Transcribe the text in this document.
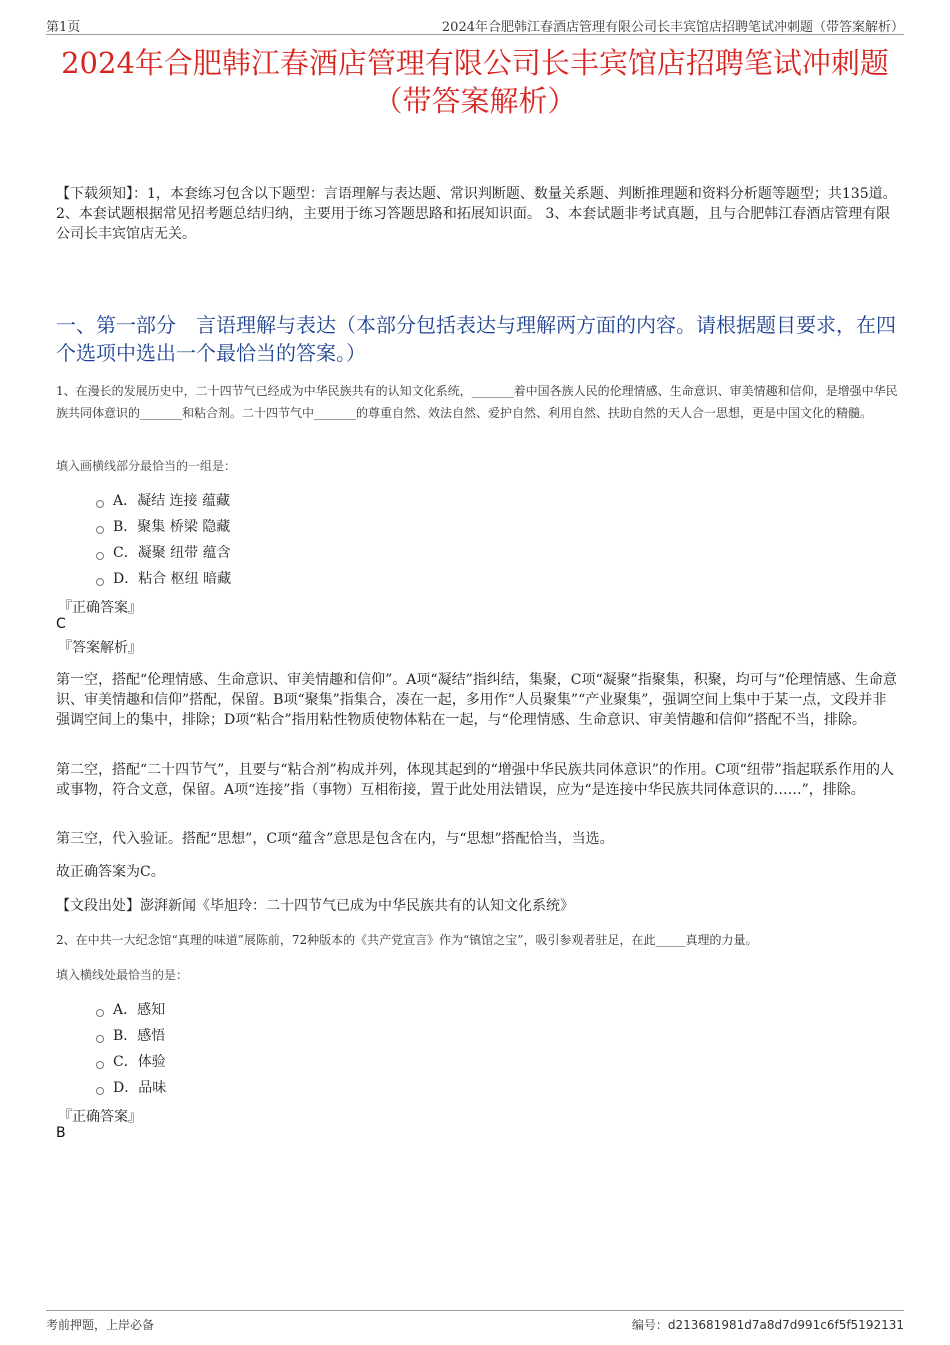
第1页	2024年合肥韩江春酒店管理有限公司长丰宾馆店招聘笔试冲刺题（带答案解析）
2024年合肥韩江春酒店管理有限公司长丰宾馆店招聘笔试冲刺题（带答案解析）
【下载须知】：1，本套练习包含以下题型：言语理解与表达题、常识判断题、数量关系题、判断推理题和资料分析题等题型；共135道。 2、本套试题根据常见招考题总结归纳，主要用于练习答题思路和拓展知识面。 3、本套试题非考试真题，且与合肥韩江春酒店管理有限公司长丰宾馆店无关。
一、第一部分　言语理解与表达（本部分包括表达与理解两方面的内容。请根据题目要求，在四个选项中选出一个最恰当的答案。）
1、在漫长的发展历史中，二十四节气已经成为中华民族共有的认知文化系统，_______着中国各族人民的伦理情感、生命意识、审美情趣和信仰，是增强中华民族共同体意识的_______和粘合剂。二十四节气中_______的尊重自然、效法自然、爱护自然、利用自然、扶助自然的天人合一思想，更是中国文化的精髓。
填入画横线部分最恰当的一组是：
A．凝结 连接 蕴藏
B．聚集 桥梁 隐藏
C．凝聚 纽带 蕴含
D．粘合 枢纽 暗藏
『正确答案』
C
『答案解析』
第一空，搭配“伦理情感、生命意识、审美情趣和信仰”。A项“凝结”指纠结，集聚，C项“凝聚”指聚集，积聚，均可与“伦理情感、生命意识、审美情趣和信仰”搭配，保留。B项“聚集”指集合，凑在一起，多用作“人员聚集”“产业聚集”，强调空间上集中于某一点，文段并非强调空间上的集中，排除；D项“粘合”指用粘性物质使物体粘在一起，与“伦理情感、生命意识、审美情趣和信仰”搭配不当，排除。
第二空，搭配“二十四节气”，且要与“粘合剂”构成并列，体现其起到的“增强中华民族共同体意识”的作用。C项“纽带”指起联系作用的人或事物，符合文意，保留。A项“连接”指（事物）互相衔接，置于此处用法错误，应为“是连接中华民族共同体意识的……”，排除。
第三空，代入验证。搭配“思想”，C项“蕴含”意思是包含在内，与“思想”搭配恰当，当选。
故正确答案为C。
【文段出处】澎湃新闻《毕旭玲：二十四节气已成为中华民族共有的认知文化系统》
2、在中共一大纪念馆“真理的味道”展陈前，72种版本的《共产党宣言》作为“镇馆之宝”，吸引参观者驻足，在此_____真理的力量。
填入横线处最恰当的是：
A．感知
B．感悟
C．体验
D．品味
『正确答案』
B
考前押题，上岸必备	编号：d213681981d7a8d7d991c6f5f5192131
